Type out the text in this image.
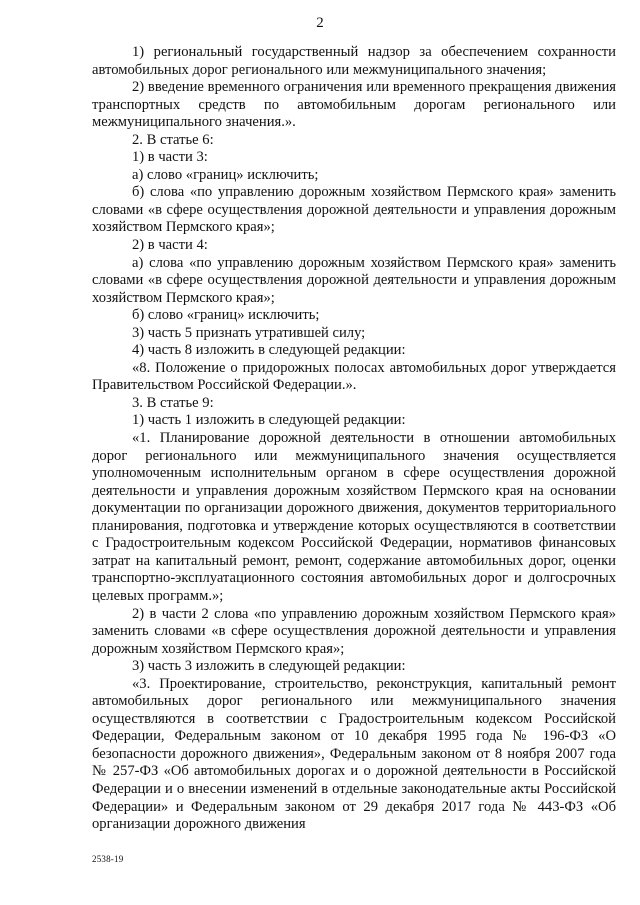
2

1) региональный государственный надзор за обеспечением сохранности автомобильных дорог регионального или межмуниципального значения;

2) введение временного ограничения или временного прекращения движения транспортных средств по автомобильным дорогам регионального или межмуниципального значения.».

2. В статье 6:

1) в части 3:

а) слово «границ» исключить;

б) слова «по управлению дорожным хозяйством Пермского края» заменить словами «в сфере осуществления дорожной деятельности и управления дорожным хозяйством Пермского края»;

2) в части 4:

а) слова «по управлению дорожным хозяйством Пермского края» заменить словами «в сфере осуществления дорожной деятельности и управления дорожным хозяйством Пермского края»;

б) слово «границ» исключить;

3) часть 5 признать утратившей силу;

4) часть 8 изложить в следующей редакции:

«8. Положение о придорожных полосах автомобильных дорог утверждается Правительством Российской Федерации.».

3. В статье 9:

1) часть 1 изложить в следующей редакции:

«1. Планирование дорожной деятельности в отношении автомобильных дорог регионального или межмуниципального значения осуществляется уполномоченным исполнительным органом в сфере осуществления дорожной деятельности и управления дорожным хозяйством Пермского края на основании документации по организации дорожного движения, документов территориального планирования, подготовка и утверждение которых осуществляются в соответствии с Градостроительным кодексом Российской Федерации, нормативов финансовых затрат на капитальный ремонт, ремонт, содержание автомобильных дорог, оценки транспортно-эксплуатационного состояния автомобильных дорог и долгосрочных целевых программ.»;

2) в части 2 слова «по управлению дорожным хозяйством Пермского края» заменить словами «в сфере осуществления дорожной деятельности и управления дорожным хозяйством Пермского края»;

3) часть 3 изложить в следующей редакции:

«3. Проектирование, строительство, реконструкция, капитальный ремонт автомобильных дорог регионального или межмуниципального значения осуществляются в соответствии с Градостроительным кодексом Российской Федерации, Федеральным законом от 10 декабря 1995 года № 196-ФЗ «О безопасности дорожного движения», Федеральным законом от 8 ноября 2007 года № 257-ФЗ «Об автомобильных дорогах и о дорожной деятельности в Российской Федерации и о внесении изменений в отдельные законодательные акты Российской Федерации» и Федеральным законом от 29 декабря 2017 года № 443-ФЗ «Об организации дорожного движения

2538-19
